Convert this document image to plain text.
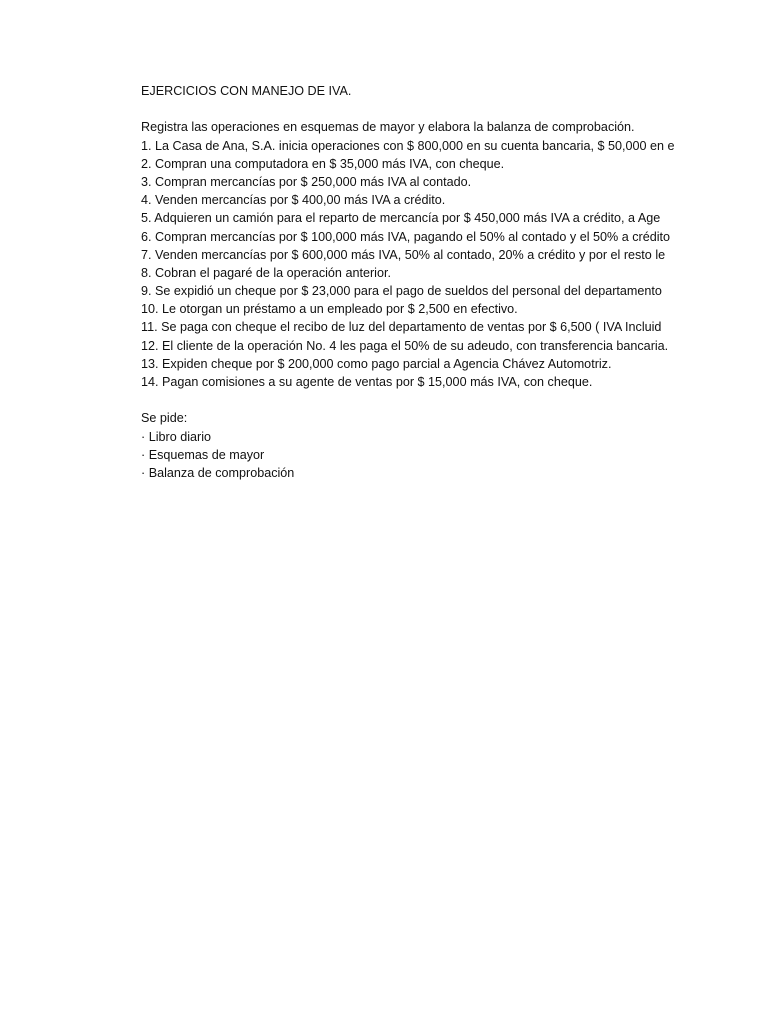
EJERCICIOS CON MANEJO DE IVA.
Registra las operaciones en esquemas de mayor y elabora la balanza de comprobación.
1. La Casa de Ana, S.A. inicia operaciones con $ 800,000 en su cuenta bancaria, $ 50,000 en e
2. Compran una computadora en $ 35,000 más IVA, con cheque.
3. Compran mercancías por $ 250,000 más IVA al contado.
4. Venden mercancías por $ 400,00 más IVA a crédito.
5. Adquieren un camión para el reparto de mercancía por $ 450,000 más IVA a crédito, a Age
6. Compran mercancías por $ 100,000 más IVA, pagando el 50% al contado y el 50% a crédito
7. Venden mercancías por $ 600,000 más IVA, 50% al contado, 20% a crédito y por el resto le
8. Cobran el pagaré de la operación anterior.
9. Se expidió un cheque por $ 23,000 para el pago de sueldos del personal del departamento
10. Le otorgan un préstamo a un empleado por $ 2,500 en efectivo.
11. Se paga con cheque el recibo de luz del departamento de ventas por $ 6,500 ( IVA Incluid
12. El cliente de la operación No. 4 les paga el 50% de su adeudo, con transferencia bancaria.
13. Expiden cheque por $ 200,000 como pago parcial a Agencia Chávez Automotriz.
14. Pagan comisiones a su agente de ventas por $ 15,000 más IVA, con cheque.
Se pide:
· Libro diario
· Esquemas de mayor
· Balanza de comprobación
